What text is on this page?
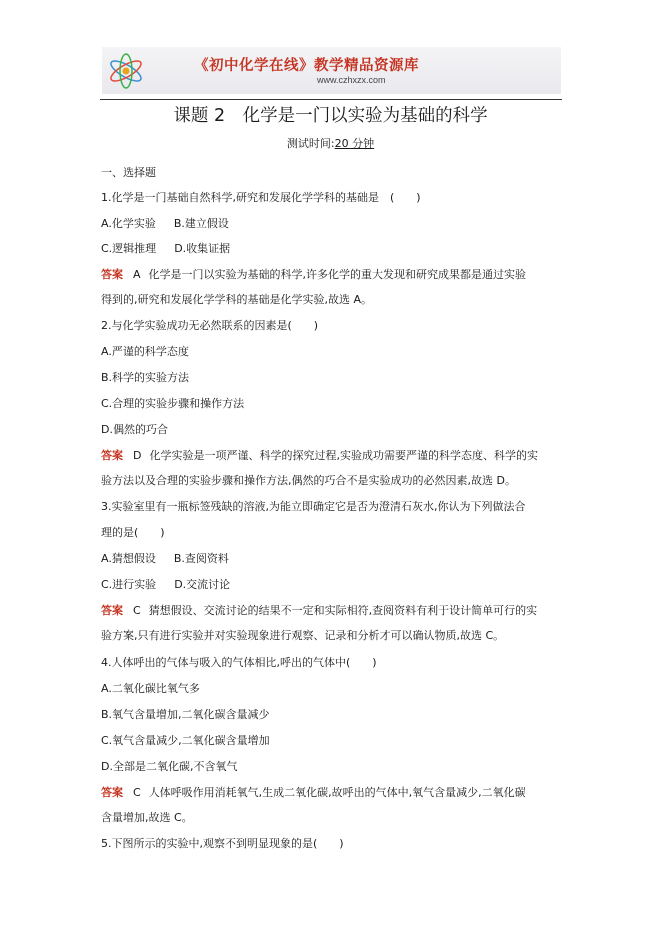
《初中化学在线》教学精品资源库
www.czhxzx.com
课题 2　化学是一门以实验为基础的科学
测试时间:20 分钟
一、选择题
1.化学是一门基础自然科学,研究和发展化学学科的基础是　(　　)
A.化学实验 B.建立假设
C.逻辑推理 D.收集证据
答案 A 化学是一门以实验为基础的科学,许多化学的重大发现和研究成果都是通过实验
得到的,研究和发展化学学科的基础是化学实验,故选 A。
2.与化学实验成功无必然联系的因素是(　　)
A.严谨的科学态度
B.科学的实验方法
C.合理的实验步骤和操作方法
D.偶然的巧合
答案 D 化学实验是一项严谨、科学的探究过程,实验成功需要严谨的科学态度、科学的实
验方法以及合理的实验步骤和操作方法,偶然的巧合不是实验成功的必然因素,故选 D。
3.实验室里有一瓶标签残缺的溶液,为能立即确定它是否为澄清石灰水,你认为下列做法合
理的是(　　)
A.猜想假设 B.查阅资料
C.进行实验 D.交流讨论
答案 C 猜想假设、交流讨论的结果不一定和实际相符,查阅资料有利于设计简单可行的实
验方案,只有进行实验并对实验现象进行观察、记录和分析才可以确认物质,故选 C。
4.人体呼出的气体与吸入的气体相比,呼出的气体中(　　)
A.二氧化碳比氧气多
B.氧气含量增加,二氧化碳含量减少
C.氧气含量减少,二氧化碳含量增加
D.全部是二氧化碳,不含氧气
答案 C 人体呼吸作用消耗氧气,生成二氧化碳,故呼出的气体中,氧气含量减少,二氧化碳
含量增加,故选 C。
5.下图所示的实验中,观察不到明显现象的是(　　)
